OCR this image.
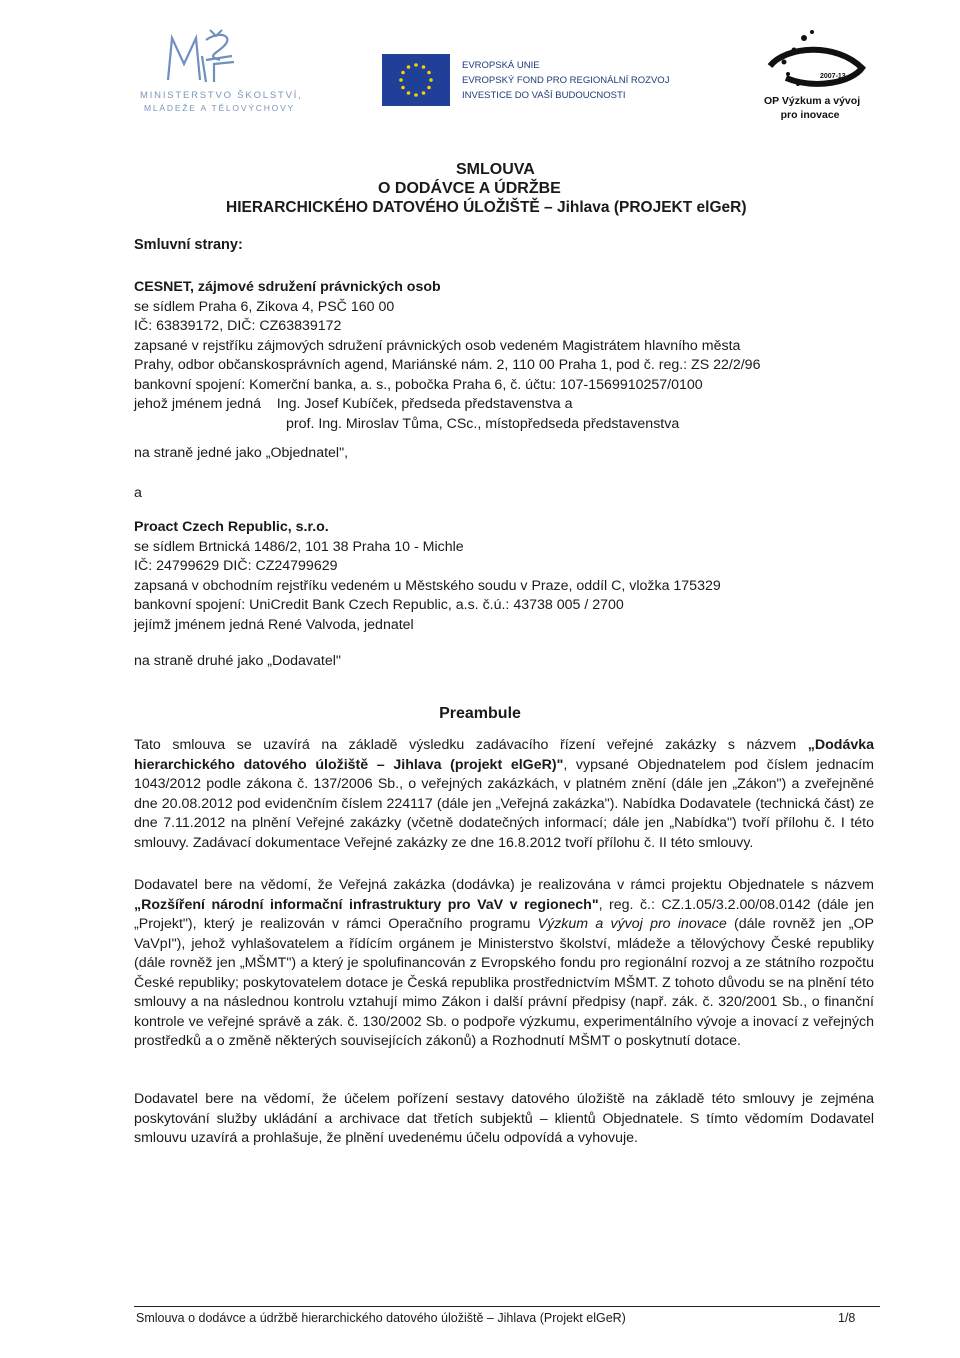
MINISTERSTVO ŠKOLSTVÍ,
MLÁDEŽE A TĚLOVÝCHOVY
EVROPSKÁ UNIE
EVROPSKÝ FOND PRO REGIONÁLNÍ ROZVOJ
INVESTICE DO VAŠÍ BUDOUCNOSTI
2007-13
OP Výzkum a vývoj
pro inovace
SMLOUVA
O DODÁVCE A ÚDRŽBE
HIERARCHICKÉHO DATOVÉHO ÚLOŽIŠTĚ – Jihlava (PROJEKT elGeR)
Smluvní strany:
CESNET, zájmové sdružení právnických osob
se sídlem Praha 6, Zikova 4, PSČ 160 00
IČ: 63839172, DIČ: CZ63839172
zapsané v rejstříku zájmových sdružení právnických osob vedeném Magistrátem hlavního města
Prahy, odbor občanskosprávních agend, Mariánské nám. 2, 110 00 Praha 1, pod č. reg.: ZS 22/2/96
bankovní spojení: Komerční banka, a. s., pobočka Praha 6, č. účtu: 107-1569910257/0100
jehož jménem jedná Ing. Josef Kubíček, předseda představenstva a
prof. Ing. Miroslav Tůma, CSc., místopředseda představenstva
na straně jedné jako „Objednatel",
a
Proact Czech Republic, s.r.o.
se sídlem Brtnická 1486/2, 101 38 Praha 10 - Michle
IČ: 24799629 DIČ: CZ24799629
zapsaná v obchodním rejstříku vedeném u Městského soudu v Praze, oddíl C, vložka 175329
bankovní spojení: UniCredit Bank Czech Republic, a.s. č.ú.: 43738 005 / 2700
jejímž jménem jedná René Valvoda, jednatel
na straně druhé jako „Dodavatel"
Preambule
Tato smlouva se uzavírá na základě výsledku zadávacího řízení veřejné zakázky s názvem „Dodávka hierarchického datového úložiště – Jihlava (projekt elGeR)", vypsané Objednatelem pod číslem jednacím 1043/2012 podle zákona č. 137/2006 Sb., o veřejných zakázkách, v platném znění (dále jen „Zákon") a zveřejněné dne 20.08.2012 pod evidenčním číslem 224117 (dále jen „Veřejná zakázka"). Nabídka Dodavatele (technická část) ze dne 7.11.2012 na plnění Veřejné zakázky (včetně dodatečných informací; dále jen „Nabídka") tvoří přílohu č. I této smlouvy. Zadávací dokumentace Veřejné zakázky ze dne 16.8.2012 tvoří přílohu č. II této smlouvy.
Dodavatel bere na vědomí, že Veřejná zakázka (dodávka) je realizována v rámci projektu Objednatele s názvem „Rozšíření národní informační infrastruktury pro VaV v regionech", reg. č.: CZ.1.05/3.2.00/08.0142 (dále jen „Projekt"), který je realizován v rámci Operačního programu Výzkum a vývoj pro inovace (dále rovněž jen „OP VaVpI"), jehož vyhlašovatelem a řídícím orgánem je Ministerstvo školství, mládeže a tělovýchovy České republiky (dále rovněž jen „MŠMT") a který je spolufinancován z Evropského fondu pro regionální rozvoj a ze státního rozpočtu České republiky; poskytovatelem dotace je Česká republika prostřednictvím MŠMT. Z tohoto důvodu se na plnění této smlouvy a na následnou kontrolu vztahují mimo Zákon i další právní předpisy (např. zák. č. 320/2001 Sb., o finanční kontrole ve veřejné správě a zák. č. 130/2002 Sb. o podpoře výzkumu, experimentálního vývoje a inovací z veřejných prostředků a o změně některých souvisejících zákonů) a Rozhodnutí MŠMT o poskytnutí dotace.
Dodavatel bere na vědomí, že účelem pořízení sestavy datového úložiště na základě této smlouvy je zejména poskytování služby ukládání a archivace dat třetích subjektů – klientů Objednatele. S tímto vědomím Dodavatel smlouvu uzavírá a prohlašuje, že plnění uvedenému účelu odpovídá a vyhovuje.
Smlouva o dodávce a údržbě hierarchického datového úložiště – Jihlava (Projekt elGeR)	1/8
